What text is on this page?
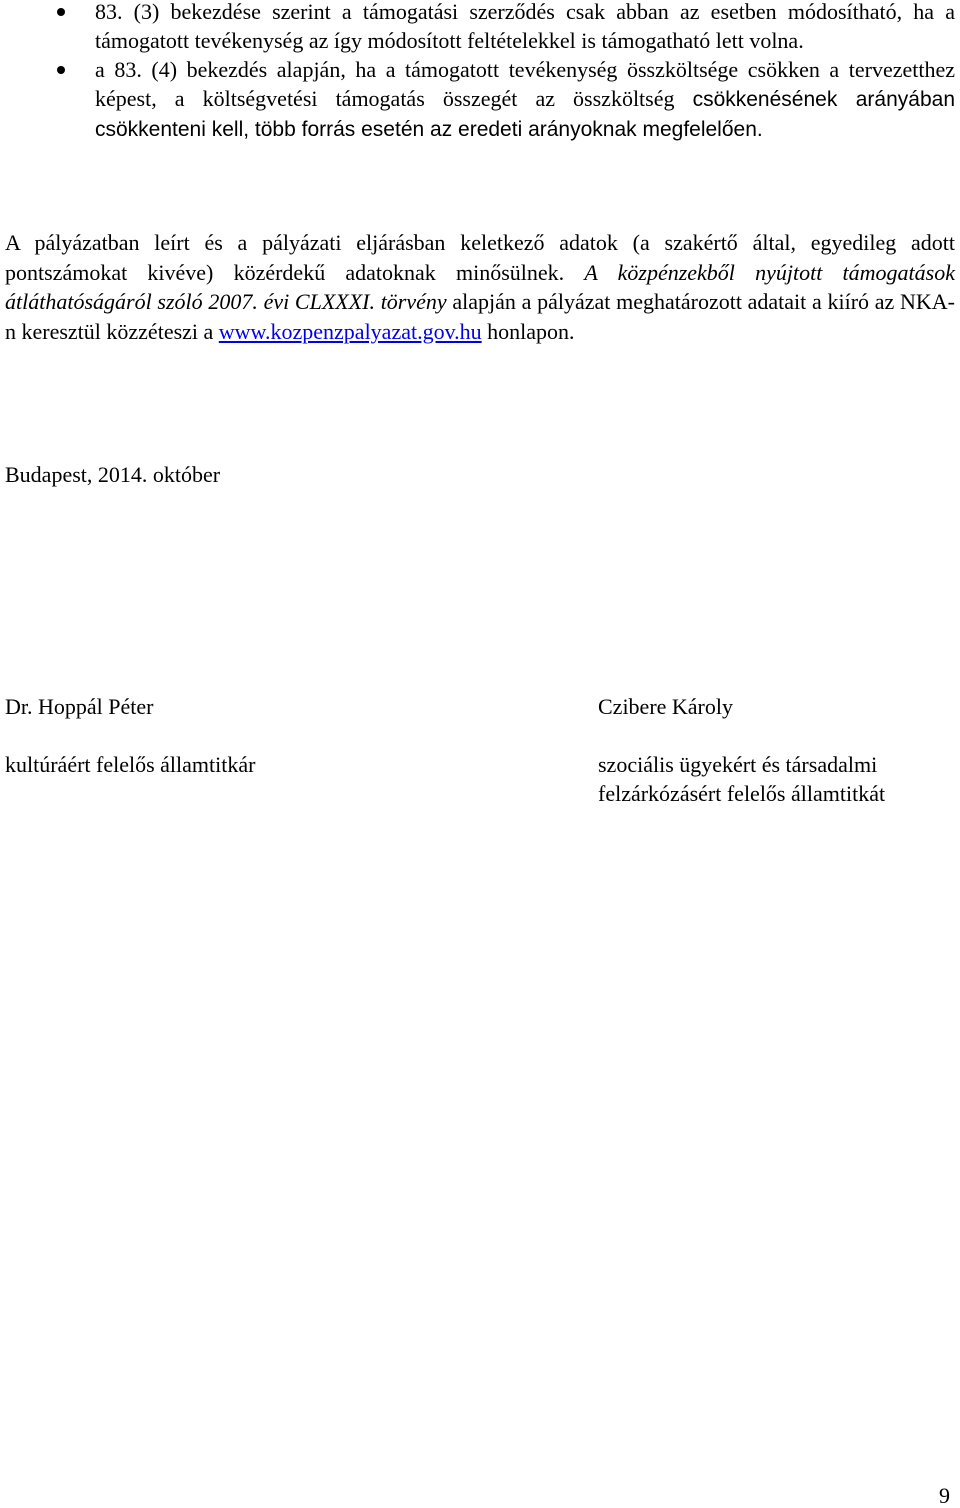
83. (3) bekezdése szerint a támogatási szerződés csak abban az esetben módosítható, ha a támogatott tevékenység az így módosított feltételekkel is támogatható lett volna.
a 83. (4) bekezdés alapján, ha a támogatott tevékenység összköltsége csökken a tervezetthez képest, a költségvetési támogatás összegét az összköltség csökkenésének arányában csökkenteni kell, több forrás esetén az eredeti arányoknak megfelelően.

A pályázatban leírt és a pályázati eljárásban keletkező adatok (a szakértő által, egyedileg adott pontszámokat kivéve) közérdekű adatoknak minősülnek. A közpénzekből nyújtott támogatások átláthatóságáról szóló 2007. évi CLXXXI. törvény alapján a pályázat meghatározott adatait a kiíró az NKA-n keresztül közzéteszi a www.kozpenzpalyazat.gov.hu honlapon.

Budapest, 2014. október

Dr. Hoppál Péter

kultúráért felelős államtitkár

Czibere Károly

szociális ügyekért és társadalmi
felzárkózásért felelős államtitkát

9
